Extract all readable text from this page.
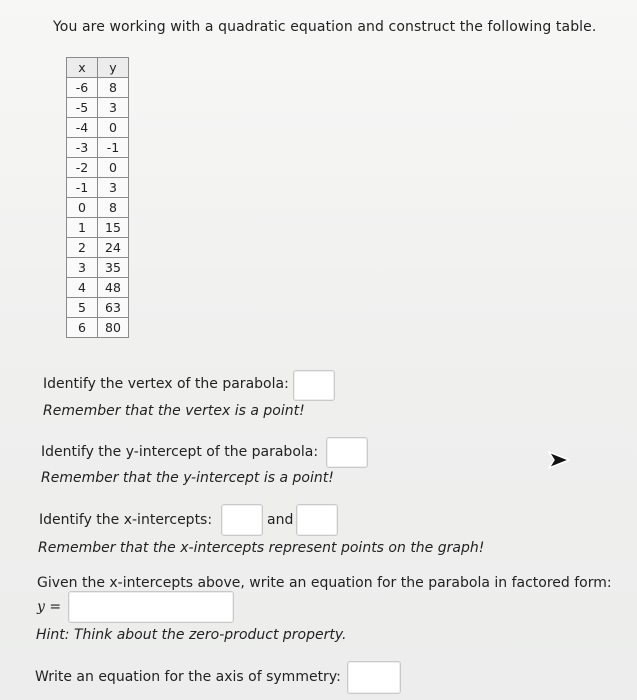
You are working with a quadratic equation and construct the following table.
x	y
-6	8
-5	3
-4	0
-3	-1
-2	0
-1	3
0	8
1	15
2	24
3	35
4	48
5	63
6	80
Identify the vertex of the parabola:
Remember that the vertex is a point!
Identify the y-intercept of the parabola:
Remember that the y-intercept is a point!
Identify the x-intercepts:	and
Remember that the x-intercepts represent points on the graph!
Given the x-intercepts above, write an equation for the parabola in factored form:
y =
Hint: Think about the zero-product property.
Write an equation for the axis of symmetry:
